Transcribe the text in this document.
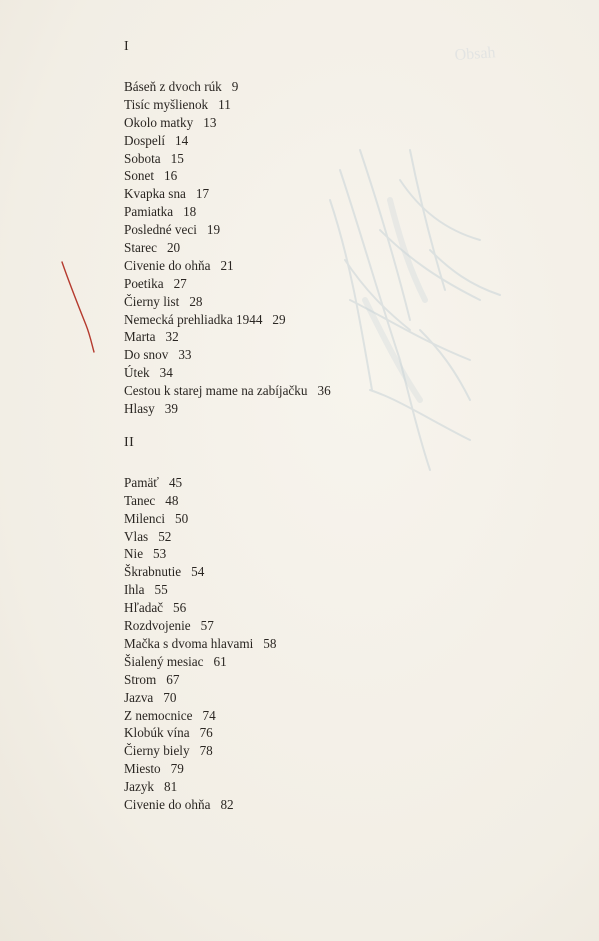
Obsah
I
Báseň z dvoch rúk 9
Tisíc myšlienok 11
Okolo matky 13
Dospelí 14
Sobota 15
Sonet 16
Kvapka sna 17
Pamiatka 18
Posledné veci 19
Starec 20
Civenie do ohňa 21
Poetika 27
Čierny list 28
Nemecká prehliadka 1944 29
Marta 32
Do snov 33
Útek 34
Cestou k starej mame na zabíjačku 36
Hlasy 39
II
Pamäť 45
Tanec 48
Milenci 50
Vlas 52
Nie 53
Škrabnutie 54
Ihla 55
Hľadač 56
Rozdvojenie 57
Mačka s dvoma hlavami 58
Šialený mesiac 61
Strom 67
Jazva 70
Z nemocnice 74
Klobúk vína 76
Čierny biely 78
Miesto 79
Jazyk 81
Civenie do ohňa 82
